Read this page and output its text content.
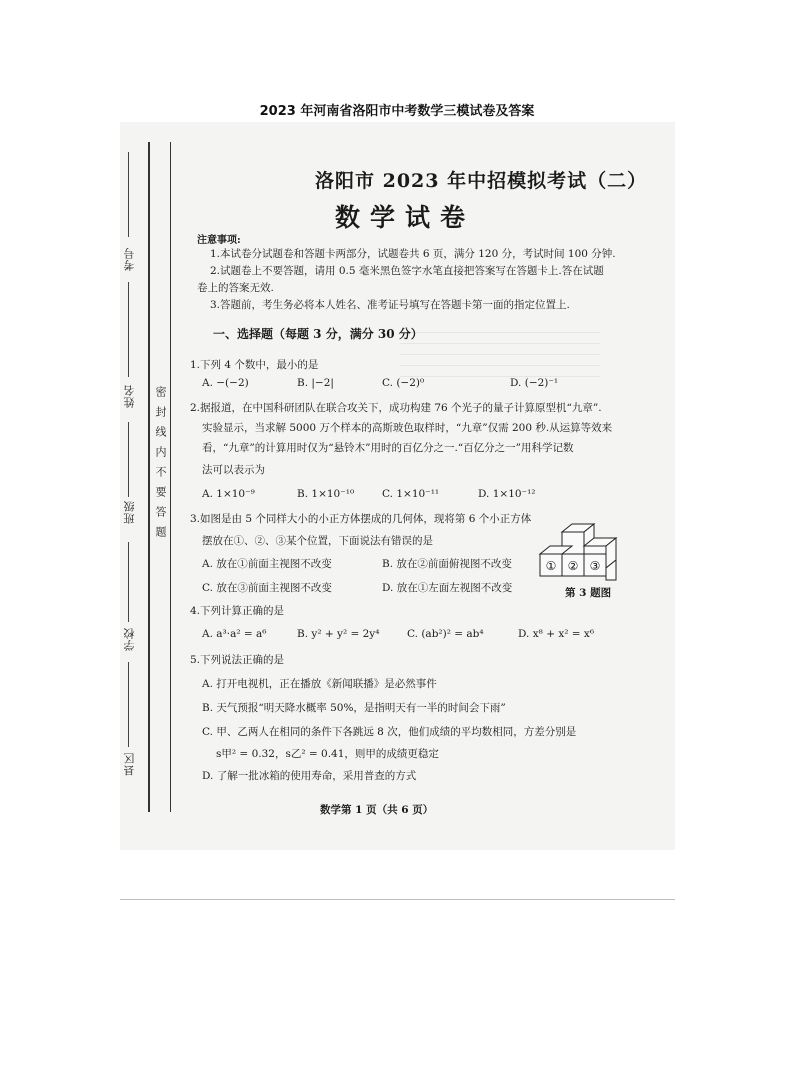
2023 年河南省洛阳市中考数学三模试卷及答案
考号
姓名
班级
学校
县区
密封线内不要答题
洛阳市 2023 年中招模拟考试（二）
数学试卷
注意事项:
1.本试卷分试题卷和答题卡两部分，试题卷共 6 页，满分 120 分，考试时间 100 分钟.
2.试题卷上不要答题，请用 0.5 毫米黑色签字水笔直接把答案写在答题卡上.答在试题
卷上的答案无效.
3.答题前，考生务必将本人姓名、准考证号填写在答题卡第一面的指定位置上.
一、选择题（每题 3 分，满分 30 分）
1.下列 4 个数中，最小的是
A. −(−2)	B. |−2|	C. (−2)⁰	D. (−2)⁻¹
2.据报道，在中国科研团队在联合攻关下，成功构建 76 个光子的量子计算原型机“九章”.
实验显示，当求解 5000 万个样本的高斯玻色取样时，“九章”仅需 200 秒.从运算等效来
看，“九章”的计算用时仅为“悬铃木”用时的百亿分之一.“百亿分之一”用科学记数
法可以表示为
A. 1×10⁻⁹	B. 1×10⁻¹⁰	C. 1×10⁻¹¹	D. 1×10⁻¹²
3.如图是由 5 个同样大小的小正方体摆成的几何体，现将第 6 个小正方体
摆放在①、②、③某个位置，下面说法有错误的是
A. 放在①前面主视图不改变	B. 放在②前面俯视图不改变
C. 放在③前面主视图不改变	D. 放在①左面左视图不改变
① ② ③
第 3 题图
4.下列计算正确的是
A. a³·a² = a⁶	B. y² + y² = 2y⁴	C. (ab²)² = ab⁴	D. x⁸ + x² = x⁶
5.下列说法正确的是
A. 打开电视机，正在播放《新闻联播》是必然事件
B. 天气预报“明天降水概率 50%，是指明天有一半的时间会下雨”
C. 甲、乙两人在相同的条件下各跳远 8 次，他们成绩的平均数相同，方差分别是
s甲² = 0.32，s乙² = 0.41，则甲的成绩更稳定
D. 了解一批冰箱的使用寿命，采用普查的方式
数学第 1 页（共 6 页）
